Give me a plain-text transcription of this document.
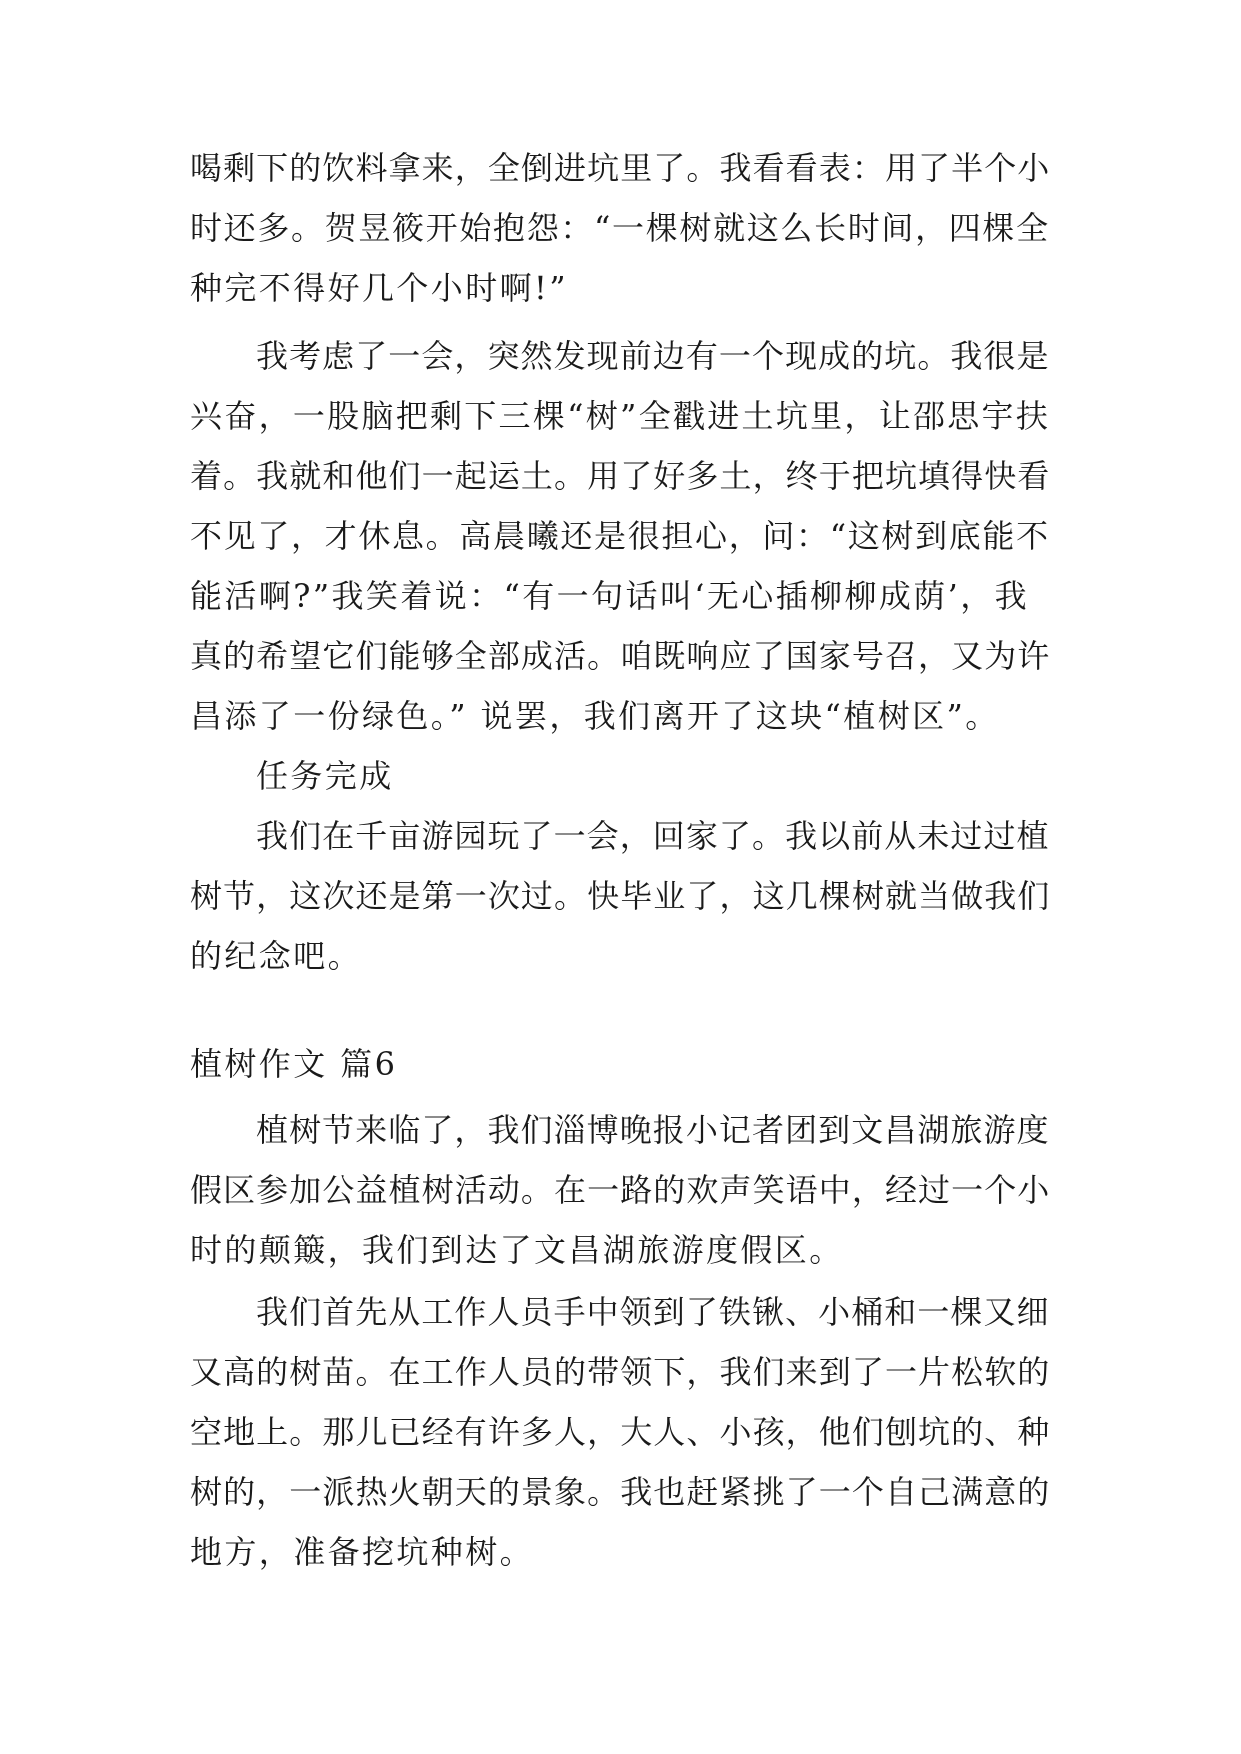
喝剩下的饮料拿来，全倒进坑里了。我看看表：用了半个小
时还多。贺昱筱开始抱怨：“一棵树就这么长时间，四棵全
种完不得好几个小时啊!”
我考虑了一会，突然发现前边有一个现成的坑。我很是
兴奋，一股脑把剩下三棵“树”全戳进土坑里，让邵思宇扶
着。我就和他们一起运土。用了好多土，终于把坑填得快看
不见了，才休息。高晨曦还是很担心，问：“这树到底能不
能活啊?”我笑着说：“有一句话叫‘无心插柳柳成荫’，我
真的希望它们能够全部成活。咱既响应了国家号召，又为许
昌添了一份绿色。” 说罢，我们离开了这块“植树区”。
任务完成
我们在千亩游园玩了一会，回家了。我以前从未过过植
树节，这次还是第一次过。快毕业了，这几棵树就当做我们
的纪念吧。
植树作文 篇6
植树节来临了，我们淄博晚报小记者团到文昌湖旅游度
假区参加公益植树活动。在一路的欢声笑语中，经过一个小
时的颠簸，我们到达了文昌湖旅游度假区。
我们首先从工作人员手中领到了铁锹、小桶和一棵又细
又高的树苗。在工作人员的带领下，我们来到了一片松软的
空地上。那儿已经有许多人，大人、小孩，他们刨坑的、种
树的，一派热火朝天的景象。我也赶紧挑了一个自己满意的
地方，准备挖坑种树。
